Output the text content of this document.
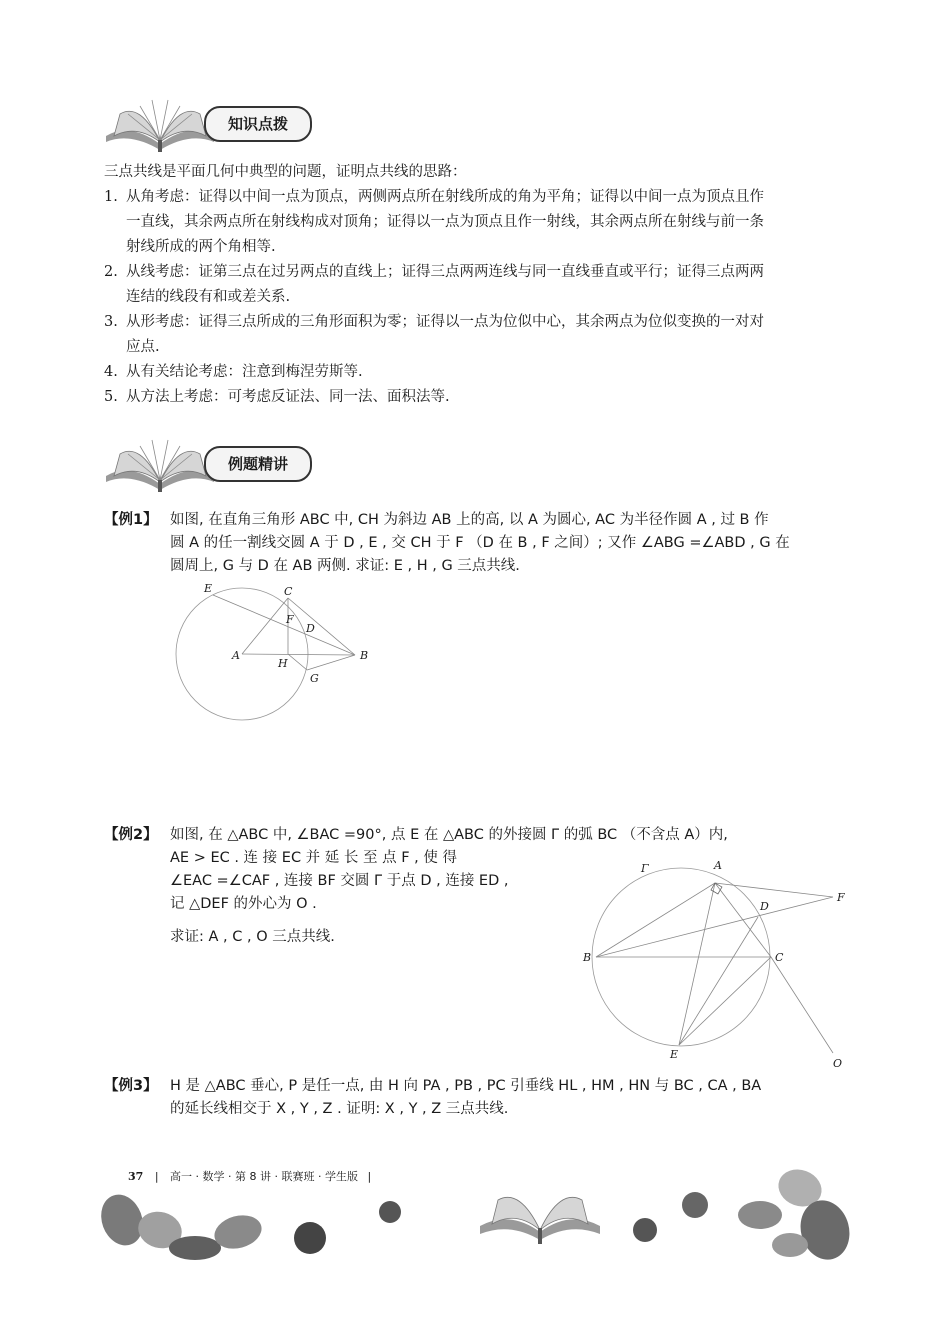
知识点拨
三点共线是平面几何中典型的问题，证明点共线的思路：
1. 从角考虑：证得以中间一点为顶点，两侧两点所在射线所成的角为平角；证得以中间一点为顶点且作
一直线，其余两点所在射线构成对顶角；证得以一点为顶点且作一射线，其余两点所在射线与前一条
射线所成的两个角相等.
2. 从线考虑：证第三点在过另两点的直线上；证得三点两两连线与同一直线垂直或平行；证得三点两两
连结的线段有和或差关系.
3. 从形考虑：证得三点所成的三角形面积为零；证得以一点为位似中心，其余两点为位似变换的一对对
应点.
4. 从有关结论考虑：注意到梅涅劳斯等.
5. 从方法上考虑：可考虑反证法、同一法、面积法等.
例题精讲
【例1】 如图, 在直角三角形 ABC 中, CH 为斜边 AB 上的高, 以 A 为圆心, AC 为半径作圆 A , 过 B 作
圆 A 的任一割线交圆 A 于 D , E , 交 CH 于 F （D 在 B , F 之间）; 又作 ∠ABG =∠ABD , G 在
圆周上, G 与 D 在 AB 两侧. 求证: E , H , G 三点共线.
E	C
F
D
A
H
B
G
【例2】 如图, 在 △ABC 中, ∠BAC =90°, 点 E 在 △ABC 的外接圆 Γ 的弧 BC （不含点 A）内,
AE > EC . 连 接 EC 并 延 长 至 点 F , 使 得
∠EAC =∠CAF , 连接 BF 交圆 Γ 于点 D , 连接 ED ,
记 △DEF 的外心为 O .
求证: A , C , O 三点共线.
Γ	A
D
F
B	C
E
O
【例3】 H 是 △ABC 垂心, P 是任一点, 由 H 向 PA , PB , PC 引垂线 HL , HM , HN 与 BC , CA , BA
的延长线相交于 X , Y , Z . 证明: X , Y , Z 三点共线.
37 | 高一 · 数学 · 第 8 讲 · 联赛班 · 学生版 |
